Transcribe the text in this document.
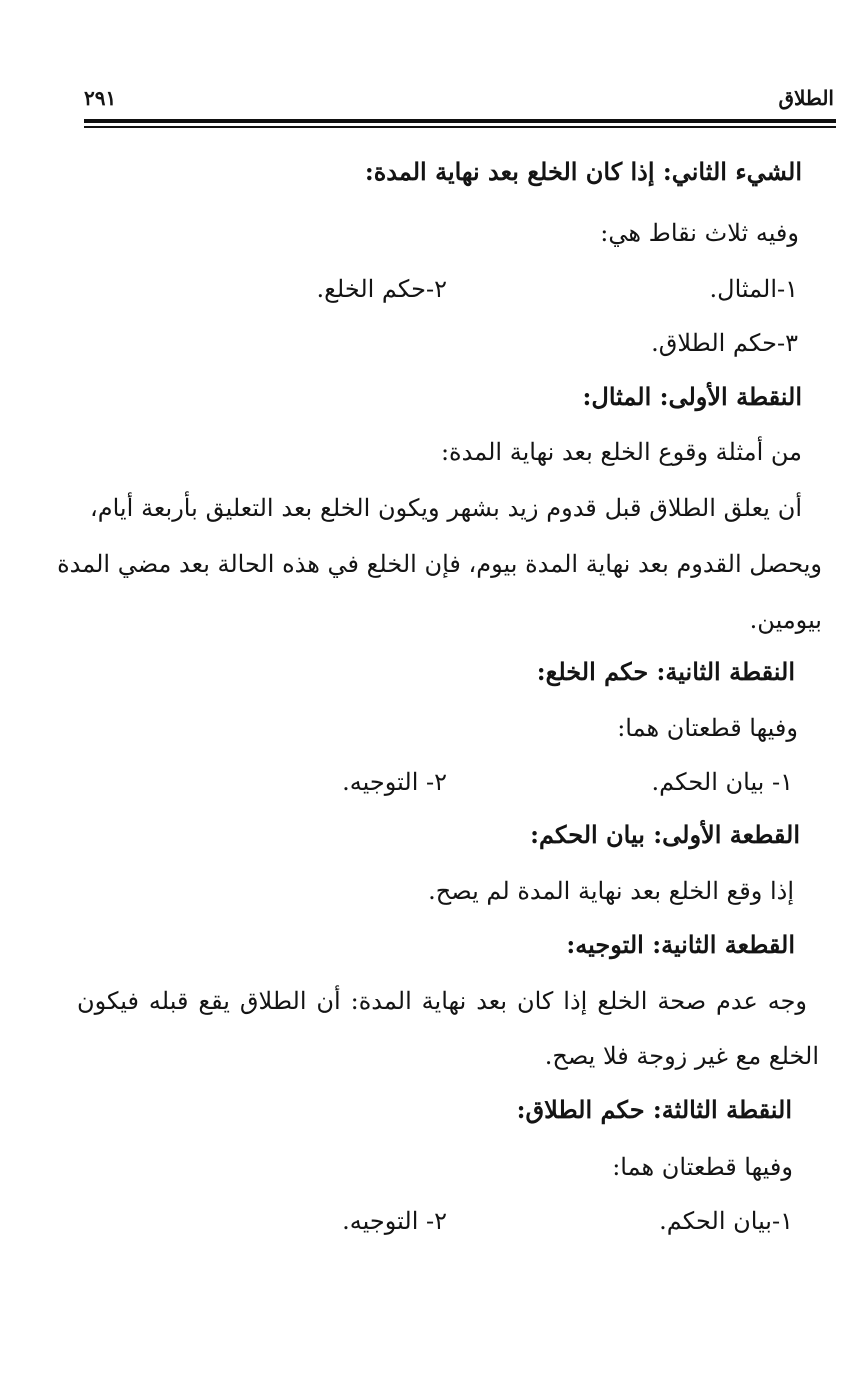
الطلاق
٢٩١
الشيء الثاني: إذا كان الخلع بعد نهاية المدة:
وفيه ثلاث نقاط هي:
١-المثال.
٢-حكم الخلع.
٣-حكم الطلاق.
النقطة الأولى: المثال:
من أمثلة وقوع الخلع بعد نهاية المدة:
أن يعلق الطلاق قبل قدوم زيد بشهر ويكون الخلع بعد التعليق بأربعة أيام،
ويحصل القدوم بعد نهاية المدة بيوم، فإن الخلع في هذه الحالة بعد مضي المدة
بيومين.
النقطة الثانية: حكم الخلع:
وفيها قطعتان هما:
١- بيان الحكم.
٢- التوجيه.
القطعة الأولى: بيان الحكم:
إذا وقع الخلع بعد نهاية المدة لم يصح.
القطعة الثانية: التوجيه:
وجه عدم صحة الخلع إذا كان بعد نهاية المدة: أن الطلاق يقع قبله فيكون
الخلع مع غير زوجة فلا يصح.
النقطة الثالثة: حكم الطلاق:
وفيها قطعتان هما:
١-بيان الحكم.
٢- التوجيه.
